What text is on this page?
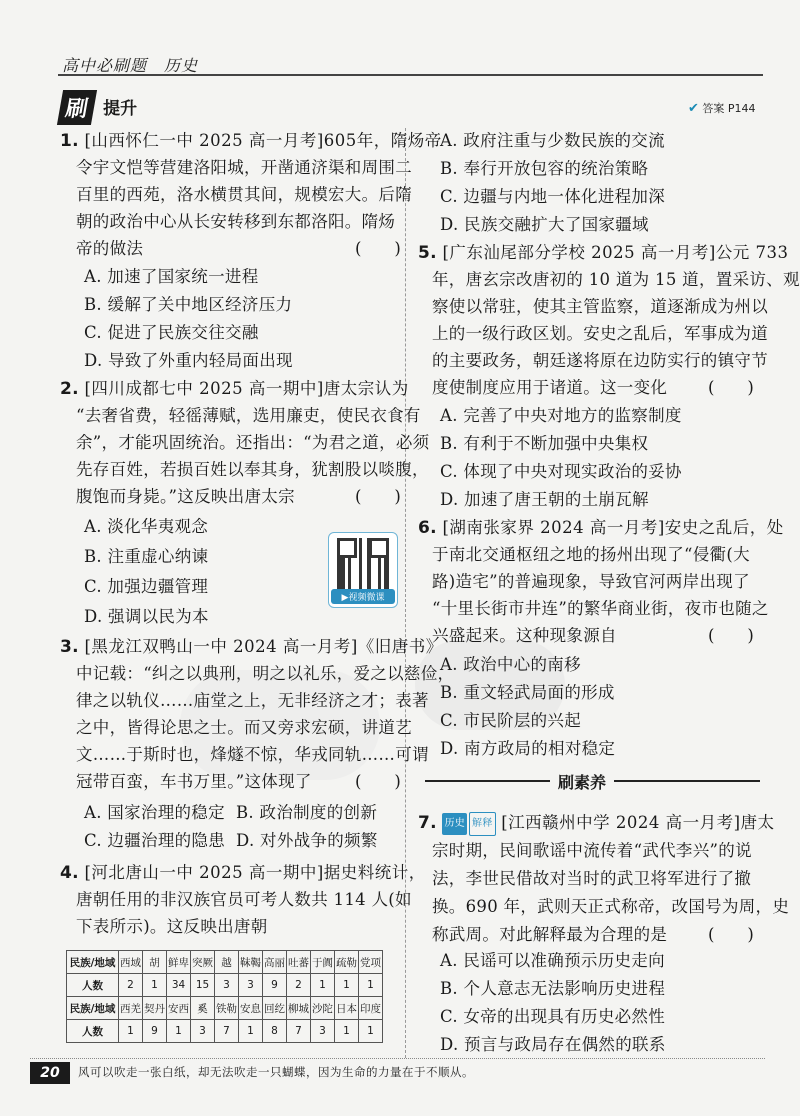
高中必刷题　历史
刷 提升	✔ 答案 P144
1. [山西怀仁一中 2025 高一月考]605年，隋炀帝
令宇文恺等营建洛阳城，开凿通济渠和周围二
百里的西苑，洛水横贯其间，规模宏大。后隋
朝的政治中心从长安转移到东都洛阳。隋炀
帝的做法	(　　)
A. 加速了国家统一进程
B. 缓解了关中地区经济压力
C. 促进了民族交往交融
D. 导致了外重内轻局面出现
2. [四川成都七中 2025 高一期中]唐太宗认为
“去奢省费，轻徭薄赋，选用廉吏，使民衣食有
余”，才能巩固统治。还指出：“为君之道，必须
先存百姓，若损百姓以奉其身，犹割股以啖腹，
腹饱而身毙。”这反映出唐太宗	(　　)
A. 淡化华夷观念
B. 注重虚心纳谏
C. 加强边疆管理
D. 强调以民为本
▶视频微课
3. [黑龙江双鸭山一中 2024 高一月考]《旧唐书》
中记载：“纠之以典刑，明之以礼乐，爱之以慈俭，
律之以轨仪……庙堂之上，无非经济之才；表著
之中，皆得论思之士。而又旁求宏硕，讲道艺
文……于斯时也，烽燧不惊，华戎同轨……可谓
冠带百蛮，车书万里。”这体现了	(　　)
A. 国家治理的稳定 B. 政治制度的创新
C. 边疆治理的隐患 D. 对外战争的频繁
4. [河北唐山一中 2025 高一期中]据史料统计，
唐朝任用的非汉族官员可考人数共 114 人(如
下表所示)。这反映出唐朝
民族/地域	西域	胡	鲜卑	突厥	越	靺鞨	高丽	吐蕃	于阗	疏勒	党项
人数	2	1	34	15	3	3	9	2	1	1	1
民族/地域	西羌	契丹	安西	奚	铁勒	安息	回纥	柳城	沙陀	日本	印度
人数	1	9	1	3	7	1	8	7	3	1	1
A. 政府注重与少数民族的交流
B. 奉行开放包容的统治策略
C. 边疆与内地一体化进程加深
D. 民族交融扩大了国家疆域
5. [广东汕尾部分学校 2025 高一月考]公元 733
年，唐玄宗改唐初的 10 道为 15 道，置采访、观
察使以常驻，使其主管监察，道逐渐成为州以
上的一级行政区划。安史之乱后，军事成为道
的主要政务，朝廷遂将原在边防实行的镇守节
度使制度应用于诸道。这一变化 (　　)
A. 完善了中央对地方的监察制度
B. 有利于不断加强中央集权
C. 体现了中央对现实政治的妥协
D. 加速了唐王朝的土崩瓦解
6. [湖南张家界 2024 高一月考]安史之乱后，处
于南北交通枢纽之地的扬州出现了“侵衢(大
路)造宅”的普遍现象，导致官河两岸出现了
“十里长街市井连”的繁华商业街，夜市也随之
兴盛起来。这种现象源自	(　　)
A. 政治中心的南移
B. 重文轻武局面的形成
C. 市民阶层的兴起
D. 南方政局的相对稳定
刷素养
7. 历史 解释 [江西赣州中学 2024 高一月考]唐太
宗时期，民间歌谣中流传着“武代李兴”的说
法，李世民借故对当时的武卫将军进行了撤
换。690 年，武则天正式称帝，改国号为周，史
称武周。对此解释最为合理的是 (　　)
A. 民谣可以准确预示历史走向
B. 个人意志无法影响历史进程
C. 女帝的出现具有历史必然性
D. 预言与政局存在偶然的联系
20	风可以吹走一张白纸，却无法吹走一只蝴蝶，因为生命的力量在于不顺从。
